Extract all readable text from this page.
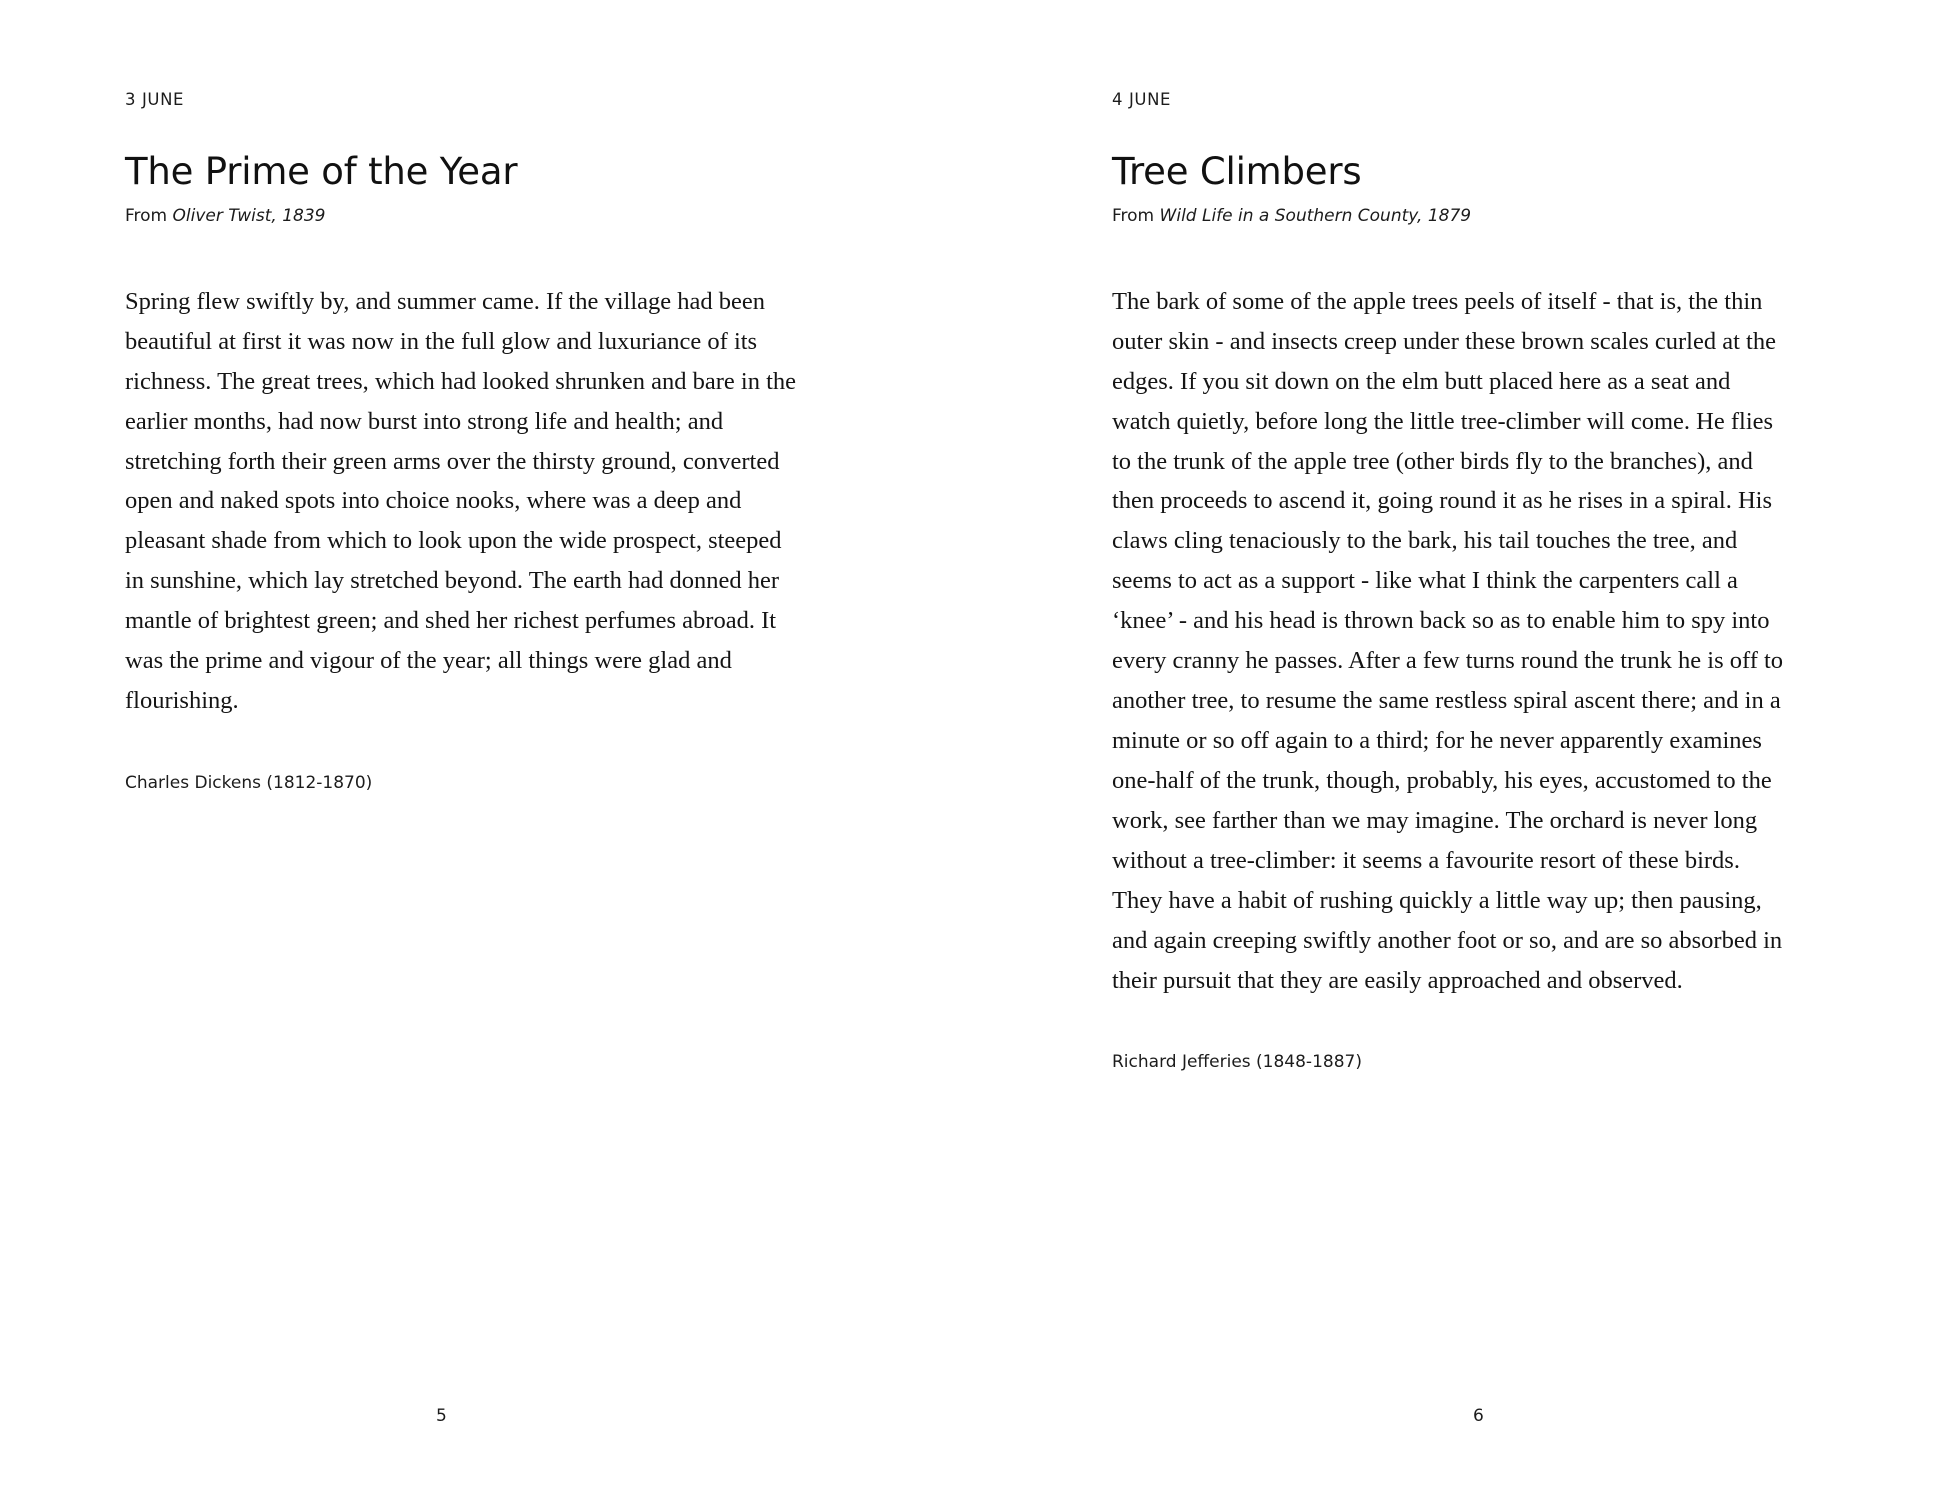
3 JUNE

The Prime of the Year

From Oliver Twist, 1839

Spring flew swiftly by, and summer came. If the village had been beautiful at first it was now in the full glow and luxuriance of its richness. The great trees, which had looked shrunken and bare in the earlier months, had now burst into strong life and health; and stretching forth their green arms over the thirsty ground, converted open and naked spots into choice nooks, where was a deep and pleasant shade from which to look upon the wide prospect, steeped in sunshine, which lay stretched beyond. The earth had donned her mantle of brightest green; and shed her richest perfumes abroad. It was the prime and vigour of the year; all things were glad and flourishing.

Charles Dickens (1812-1870)

5

4 JUNE

Tree Climbers

From Wild Life in a Southern County, 1879

The bark of some of the apple trees peels of itself - that is, the thin outer skin - and insects creep under these brown scales curled at the edges. If you sit down on the elm butt placed here as a seat and watch quietly, before long the little tree-climber will come. He flies to the trunk of the apple tree (other birds fly to the branches), and then proceeds to ascend it, going round it as he rises in a spiral. His claws cling tenaciously to the bark, his tail touches the tree, and seems to act as a support - like what I think the carpenters call a ‘knee’ - and his head is thrown back so as to enable him to spy into every cranny he passes. After a few turns round the trunk he is off to another tree, to resume the same restless spiral ascent there; and in a minute or so off again to a third; for he never apparently examines one-half of the trunk, though, probably, his eyes, accustomed to the work, see farther than we may imagine. The orchard is never long without a tree-climber: it seems a favourite resort of these birds. They have a habit of rushing quickly a little way up; then pausing, and again creeping swiftly another foot or so, and are so absorbed in their pursuit that they are easily approached and observed.

Richard Jefferies (1848-1887)

6
